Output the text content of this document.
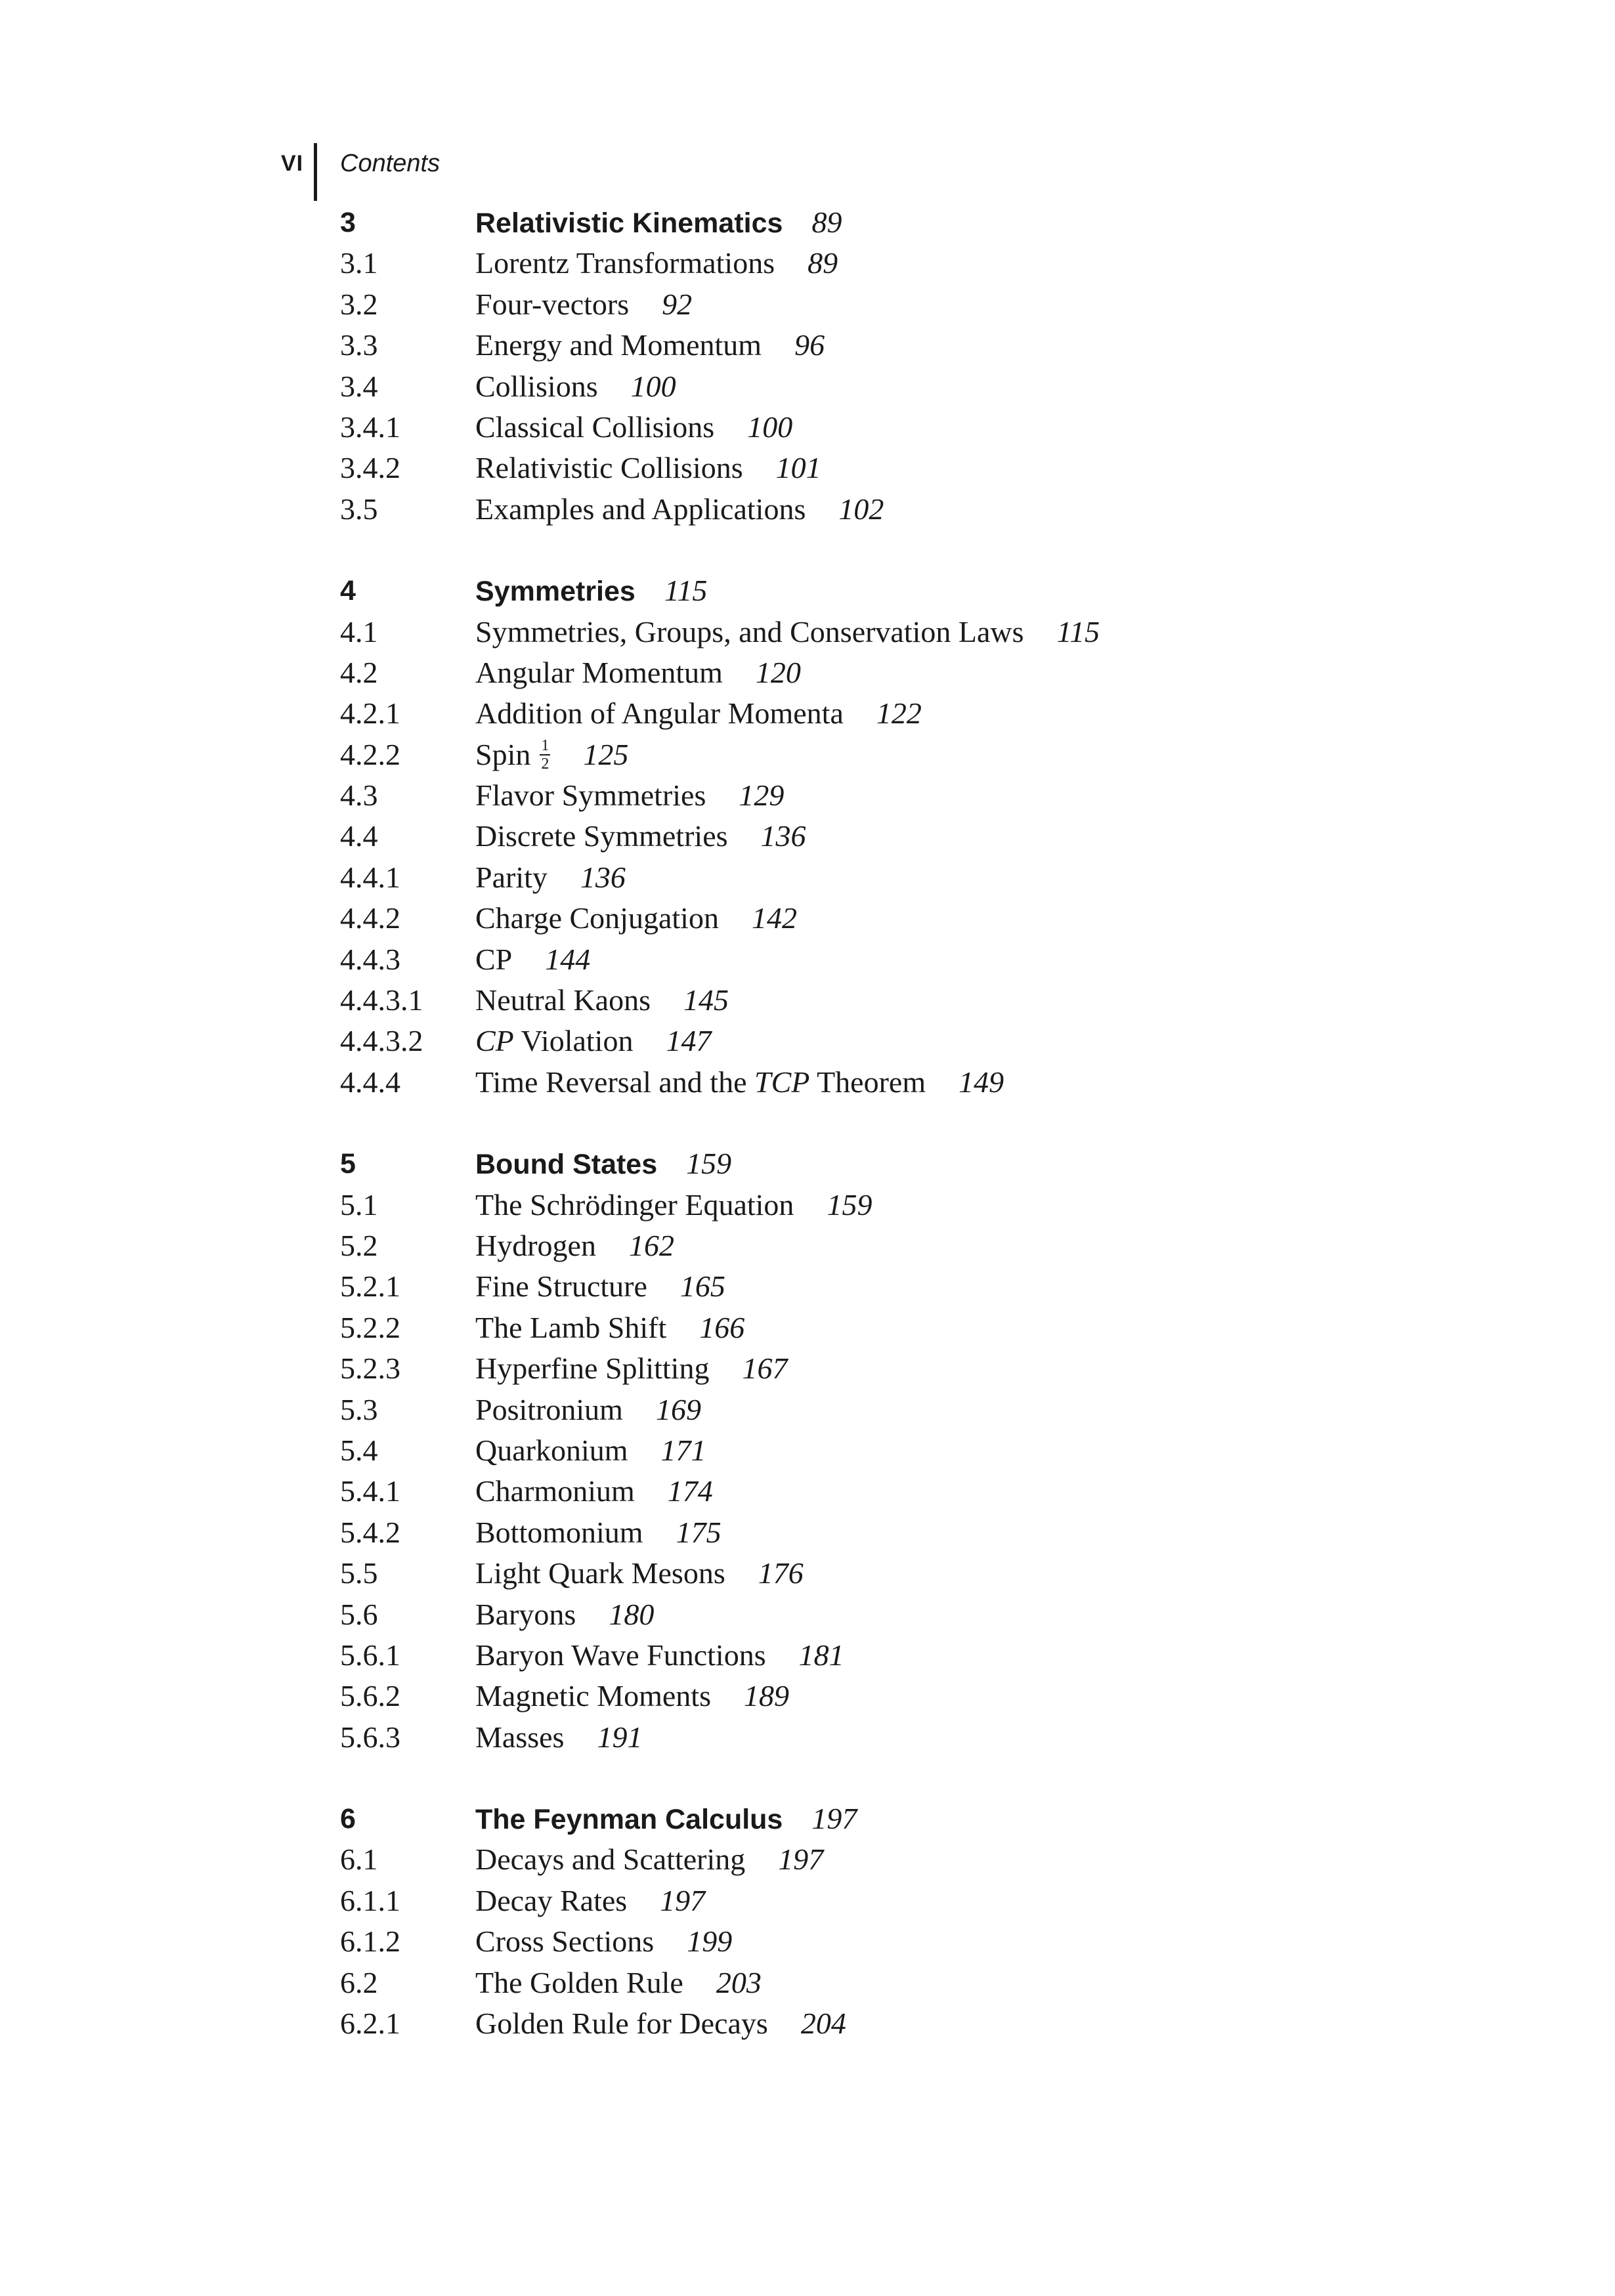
VI Contents
3	Relativistic Kinematics 89
3.1	Lorentz Transformations 89
3.2	Four-vectors 92
3.3	Energy and Momentum 96
3.4	Collisions 100
3.4.1 Classical Collisions 100
3.4.2 Relativistic Collisions 101
3.5	Examples and Applications 102
4	Symmetries 115
4.1	Symmetries, Groups, and Conservation Laws 115
4.2	Angular Momentum 120
4.2.1 Addition of Angular Momenta 122
4.2.2 Spin $\frac{1}{2} 125$
4.3	Flavor Symmetries 129
4.4	Discrete Symmetries 136
4.4.1 Parity 136
4.4.2 Charge Conjugation 142
4.4.3 CP 144
4.4.3.1 Neutral Kaons 145
4.4.3.2 CP Violation 147
4.4.4 Time Reversal and the TCP Theorem 149
5	Bound States 159
5.1	The Schrödinger Equation 159
5.2	Hydrogen 162
5.2.1 Fine Structure 165
5.2.2 The Lamb Shift 166
5.2.3 Hyperfine Splitting 167
5.3	Positronium 169
5.4	Quarkonium 171
5.4.1 Charmonium 174
5.4.2 Bottomonium 175
5.5	Light Quark Mesons 176
5.6	Baryons 180
5.6.1 Baryon Wave Functions 181
5.6.2 Magnetic Moments 189
5.6.3 Masses 191
6	The Feynman Calculus 197
6.1	Decays and Scattering 197
6.1.1 Decay Rates 197
6.1.2 Cross Sections 199
6.2	The Golden Rule 203
6.2.1 Golden Rule for Decays 204
